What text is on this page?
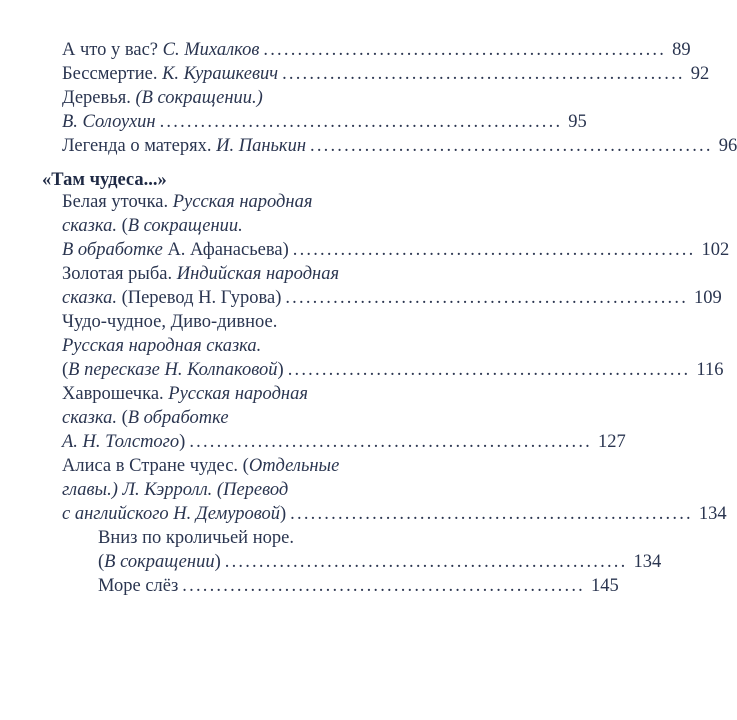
А что у вас? С. Михалков ........................................................... 89
Бессмертие. К. Курашкевич ........................................................... 92
Деревья. (В сокращении.)
В. Солоухин ........................................................... 95
Легенда о матерях. И. Панькин ........................................................... 96
«Там чудеса...»
Белая уточка. Русская народная
сказка. (В сокращении.
В обработке А. Афанасьева) ........................................................... 102
Золотая рыба. Индийская народная
сказка. (Перевод Н. Гурова) ........................................................... 109
Чудо-чудное, Диво-дивное.
Русская народная сказка.
(В пересказе Н. Колпаковой) ........................................................... 116
Хаврошечка. Русская народная
сказка. (В обработке
А. Н. Толстого) ........................................................... 127
Алиса в Стране чудес. (Отдельные
главы.) Л. Кэрролл. (Перевод
с английского Н. Демуровой) ........................................................... 134
Вниз по кроличьей норе.
(В сокращении) ........................................................... 134
Море слёз ........................................................... 145
